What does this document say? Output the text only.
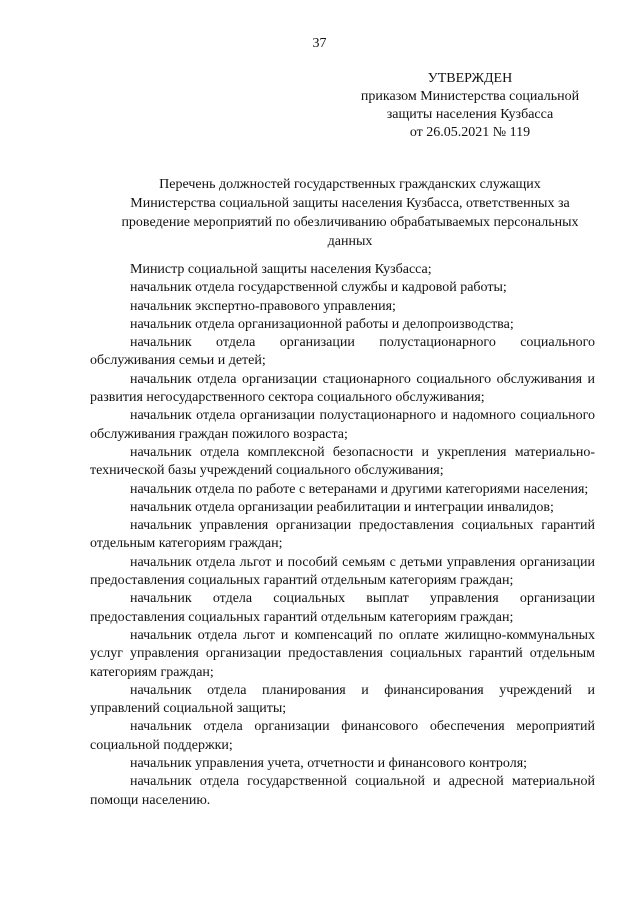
37
УТВЕРЖДЕН
приказом Министерства социальной
защиты населения Кузбасса
от 26.05.2021 № 119
Перечень должностей государственных гражданских служащих
Министерства социальной защиты населения Кузбасса, ответственных за
проведение мероприятий по обезличиванию обрабатываемых персональных
данных
Министр социальной защиты населения Кузбасса;
начальник отдела государственной службы и кадровой работы;
начальник экспертно-правового управления;
начальник отдела организационной работы и делопроизводства;
начальник отдела организации полустационарного социального обслуживания семьи и детей;
начальник отдела организации стационарного социального обслуживания и развития негосударственного сектора социального обслуживания;
начальник отдела организации полустационарного и надомного социального обслуживания граждан пожилого возраста;
начальник отдела комплексной безопасности и укрепления материально-технической базы учреждений социального обслуживания;
начальник отдела по работе с ветеранами и другими категориями населения;
начальник отдела организации реабилитации и интеграции инвалидов;
начальник управления организации предоставления социальных гарантий отдельным категориям граждан;
начальник отдела льгот и пособий семьям с детьми управления организации предоставления социальных гарантий отдельным категориям граждан;
начальник отдела социальных выплат управления организации предоставления социальных гарантий отдельным категориям граждан;
начальник отдела льгот и компенсаций по оплате жилищно-коммунальных услуг управления организации предоставления социальных гарантий отдельным категориям граждан;
начальник отдела планирования и финансирования учреждений и управлений социальной защиты;
начальник отдела организации финансового обеспечения мероприятий социальной поддержки;
начальник управления учета, отчетности и финансового контроля;
начальник отдела государственной социальной и адресной материальной помощи населению.
